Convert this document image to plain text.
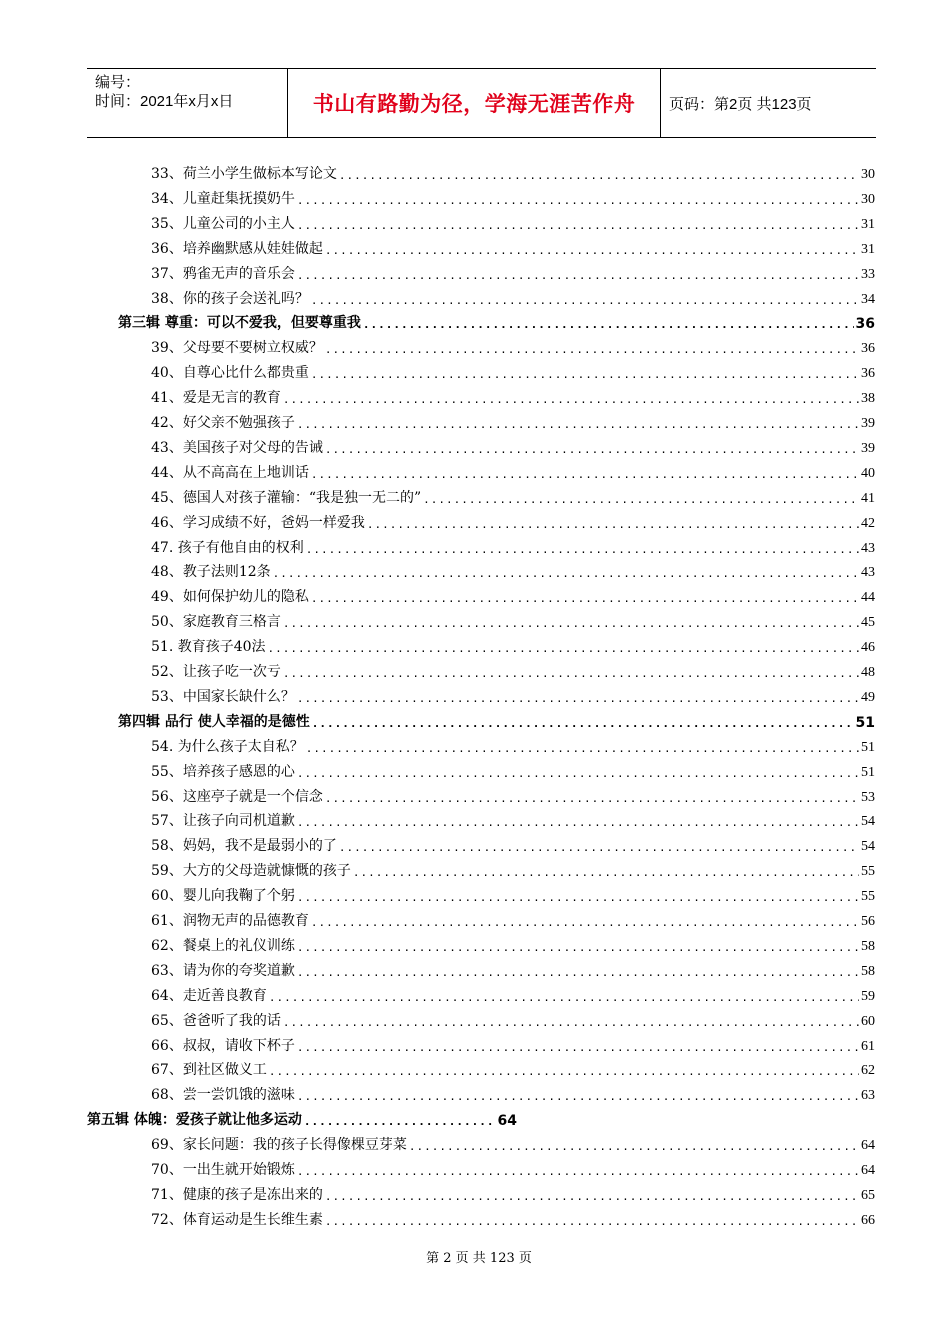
编号：
时间：2021年x月x日	书山有路勤为径，学海无涯苦作舟	页码：第2页 共123页
33、荷兰小学生做标本写论文 .....	30
34、儿童赶集抚摸奶牛 .....	30
35、儿童公司的小主人 .....	31
36、培养幽默感从娃娃做起 .....	31
37、鸦雀无声的音乐会 .....	33
38、你的孩子会送礼吗？ .....	34
第三辑 尊重：可以不爱我，但要尊重我 .....	36
39、父母要不要树立权威？ .....	36
40、自尊心比什么都贵重 .....	36
41、爱是无言的教育 .....	38
42、好父亲不勉强孩子 .....	39
43、美国孩子对父母的告诫 .....	39
44、从不高高在上地训话 .....	40
45、德国人对孩子灌输：“我是独一无二的” .....	41
46、学习成绩不好，爸妈一样爱我 .....	42
47. 孩子有他自由的权利 .....	43
48、教子法则12条 .....	43
49、如何保护幼儿的隐私 .....	44
50、家庭教育三格言 .....	45
51. 教育孩子40法 .....	46
52、让孩子吃一次亏 .....	48
53、中国家长缺什么？ .....	49
第四辑 品行 使人幸福的是德性 .....	51
54. 为什么孩子太自私？ .....	51
55、培养孩子感恩的心 .....	51
56、这座亭子就是一个信念 .....	53
57、让孩子向司机道歉 .....	54
58、妈妈，我不是最弱小的了 .....	54
59、大方的父母造就慷慨的孩子 .....	55
60、婴儿向我鞠了个躬 .....	55
61、润物无声的品德教育 .....	56
62、餐桌上的礼仪训练 .....	58
63、请为你的夸奖道歉 .....	58
64、走近善良教育 .....	59
65、爸爸听了我的话 .....	60
66、叔叔，请收下杯子 .....	61
67、到社区做义工 .....	62
68、尝一尝饥饿的滋味 .....	63
第五辑 体魄：爱孩子就让他多运动 .....	64
69、家长问题：我的孩子长得像棵豆芽菜 .....	64
70、一出生就开始锻炼 .....	64
71、健康的孩子是冻出来的 .....	65
72、体育运动是生长维生素 .....	66
第 2 页 共 123 页
